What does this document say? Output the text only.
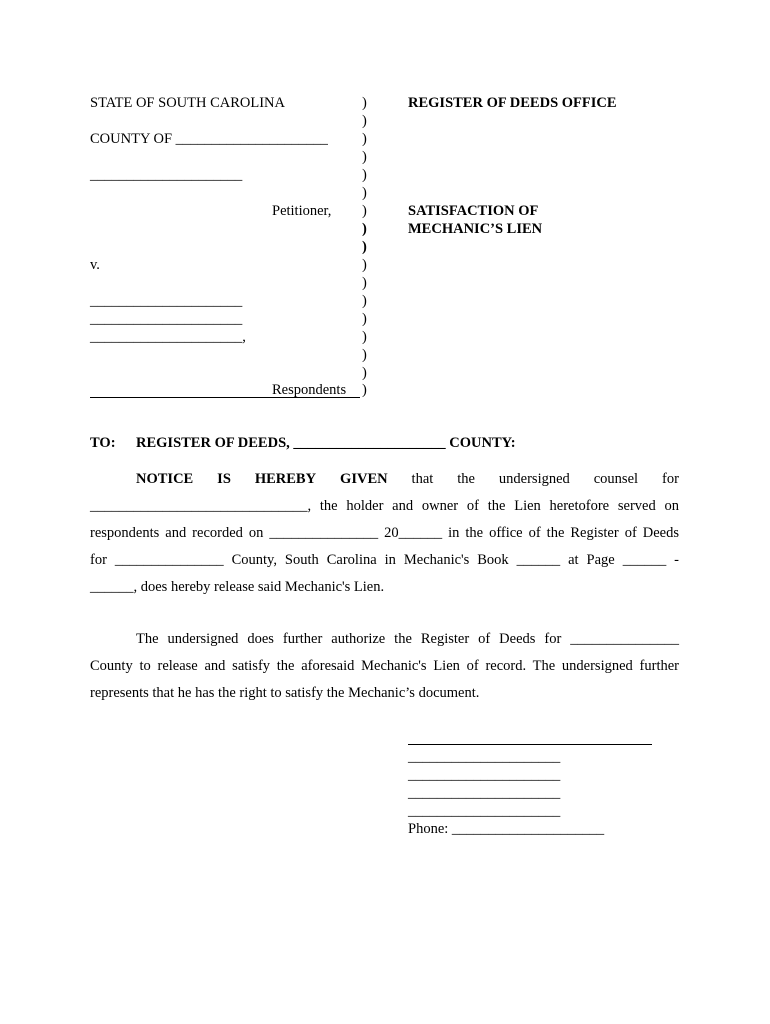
STATE OF SOUTH CAROLINA
COUNTY OF _____________________
_____________________
Petitioner,
v.
_____________________
_____________________
_____________________,
Respondents
)
)
)
)
)
)
)
)
)
)
)
)
)
)
)
)
)
REGISTER OF DEEDS OFFICE
SATISFACTION OF
MECHANIC’S LIEN
TO: REGISTER OF DEEDS, _____________________ COUNTY:
NOTICE IS HEREBY GIVEN that the undersigned counsel for
______________________________, the holder and owner of the Lien heretofore served on
respondents and recorded on _______________ 20______ in the office of the Register of Deeds
for _______________ County, South Carolina in Mechanic's Book ______ at Page ______ -
______, does hereby release said Mechanic's Lien.
The undersigned does further authorize the Register of Deeds for _______________
County to release and satisfy the aforesaid Mechanic's Lien of record. The undersigned further
represents that he has the right to satisfy the Mechanic’s document.
_____________________
_____________________
_____________________
_____________________
Phone: _____________________
